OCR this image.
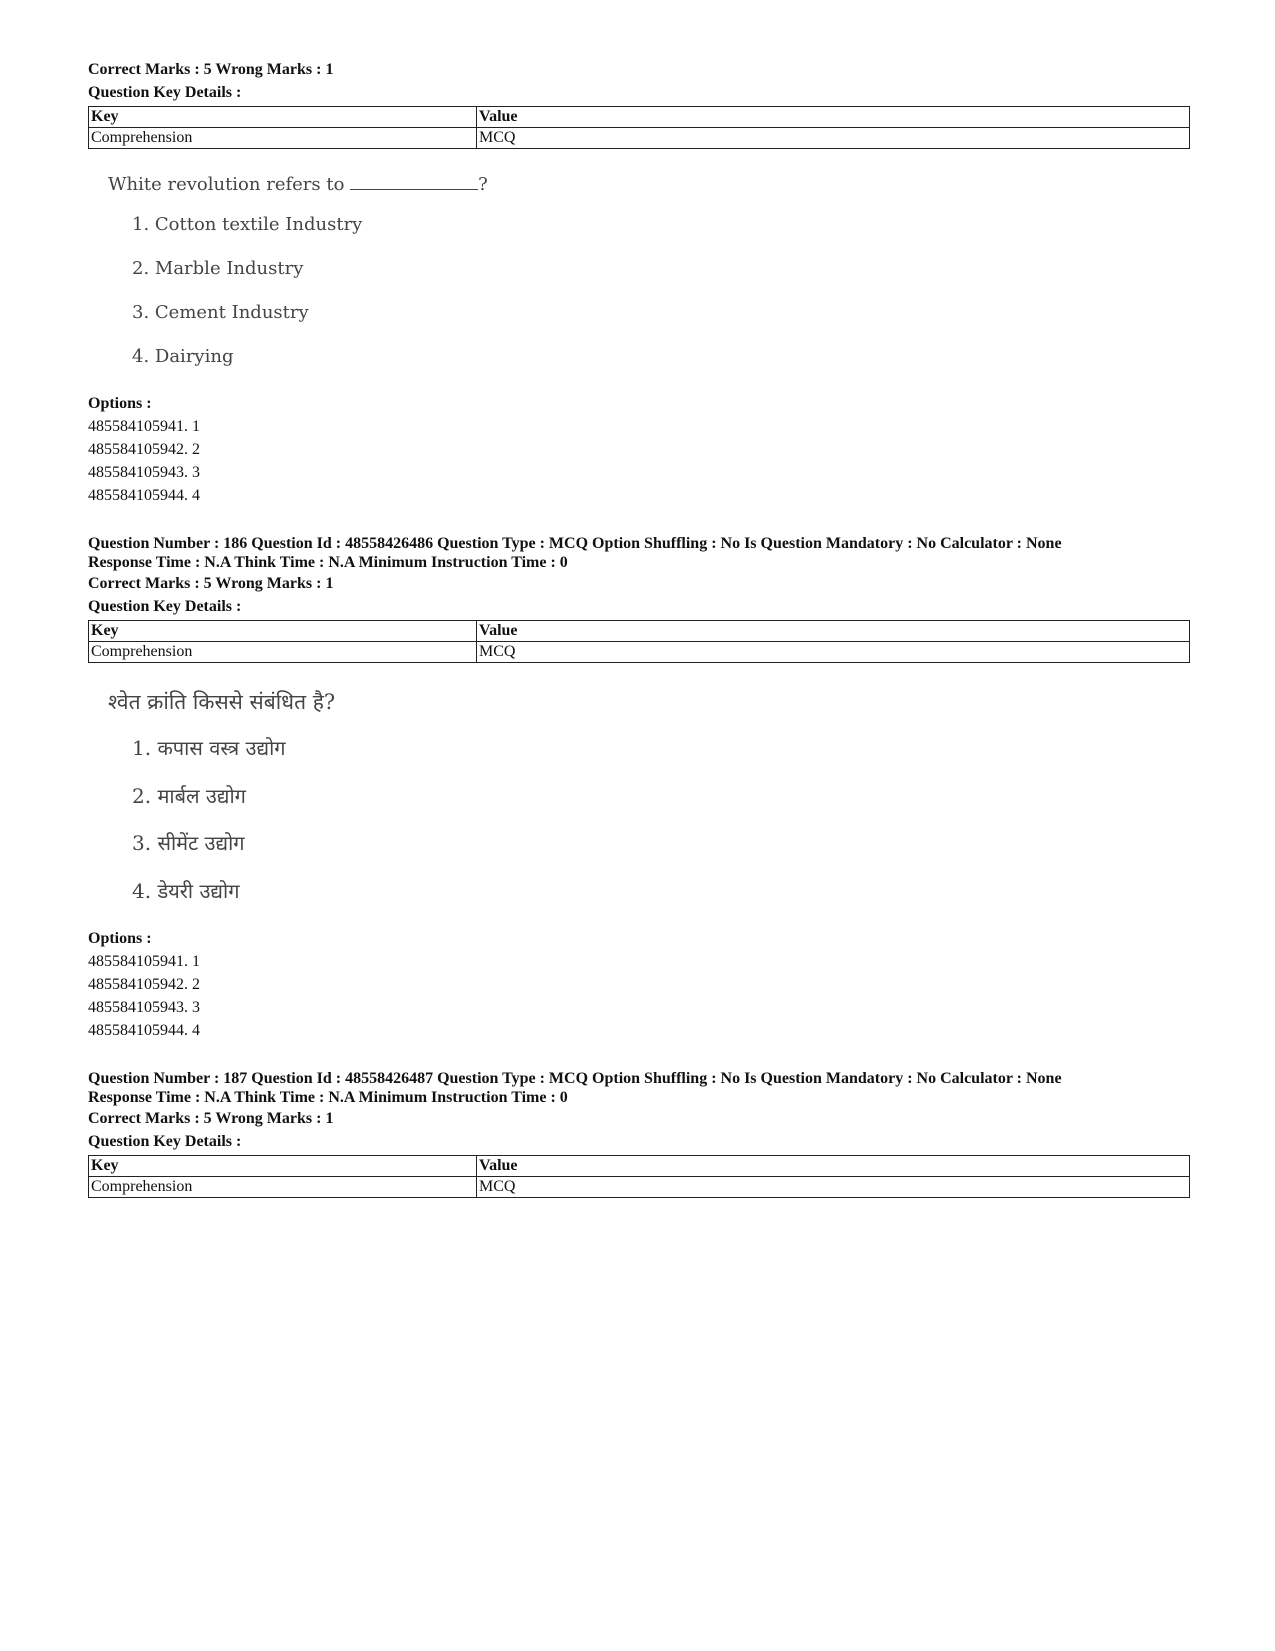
Correct Marks : 5 Wrong Marks : 1
Question Key Details :
Key	Value
Comprehension	MCQ
White revolution refers to	?
1. Cotton textile Industry
2. Marble Industry
3. Cement Industry
4. Dairying
Options :
485584105941. 1
485584105942. 2
485584105943. 3
485584105944. 4
Question Number : 186 Question Id : 48558426486 Question Type : MCQ Option Shuffling : No Is Question Mandatory : No Calculator : None
Response Time : N.A Think Time : N.A Minimum Instruction Time : 0
Correct Marks : 5 Wrong Marks : 1
Question Key Details :
Key	Value
Comprehension	MCQ
श्वेत क्रांति किससे संबंधित है?
1. कपास वस्त्र उद्योग
2. मार्बल उद्योग
3. सीमेंट उद्योग
4. डेयरी उद्योग
Options :
485584105941. 1
485584105942. 2
485584105943. 3
485584105944. 4
Question Number : 187 Question Id : 48558426487 Question Type : MCQ Option Shuffling : No Is Question Mandatory : No Calculator : None
Response Time : N.A Think Time : N.A Minimum Instruction Time : 0
Correct Marks : 5 Wrong Marks : 1
Question Key Details :
Key	Value
Comprehension	MCQ
